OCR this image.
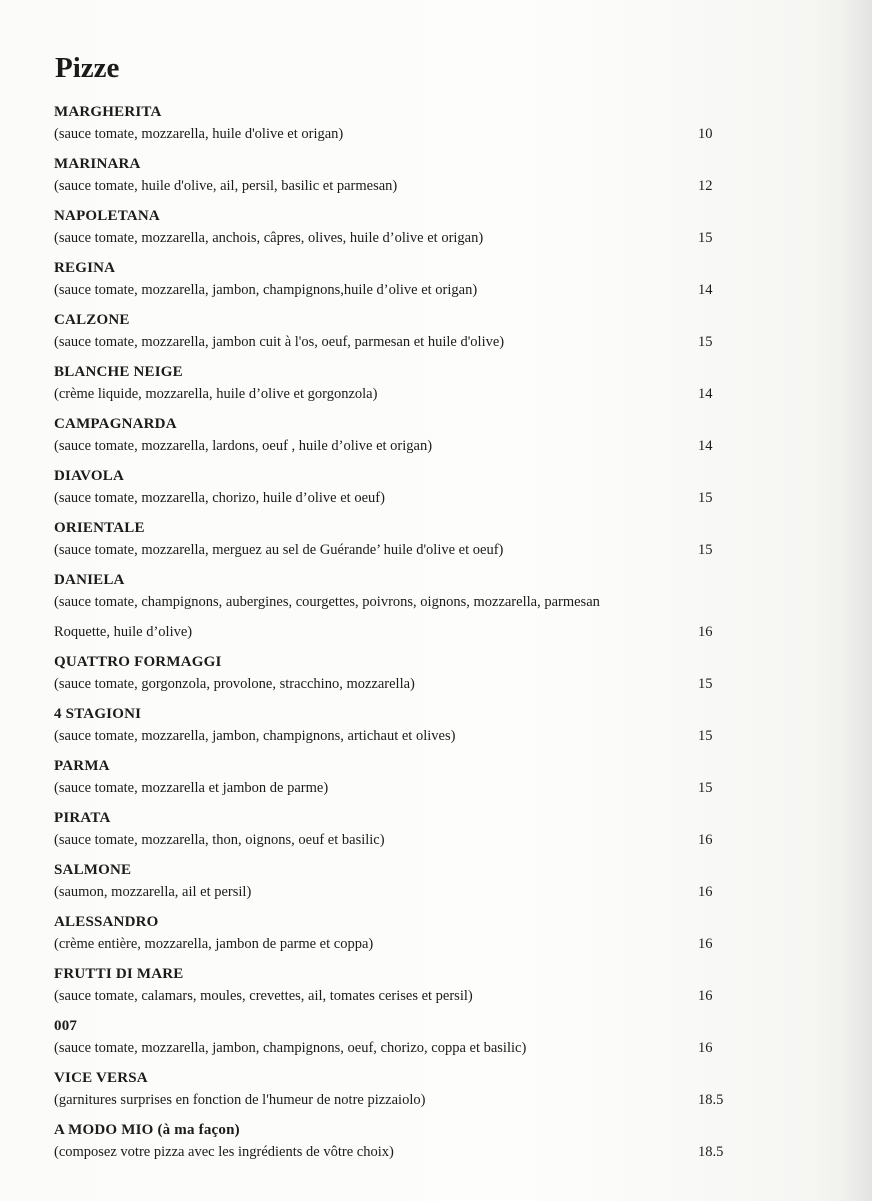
Pizze
MARGHERITA
(sauce tomate, mozzarella, huile d'olive et origan)	10
MARINARA
(sauce tomate, huile d'olive, ail, persil, basilic et parmesan)	12
NAPOLETANA
(sauce tomate, mozzarella, anchois, câpres, olives, huile d’olive et origan)	15
REGINA
(sauce tomate, mozzarella, jambon, champignons,huile d’olive et origan)	14
CALZONE
(sauce tomate, mozzarella, jambon cuit à l'os, oeuf, parmesan et huile d'olive)	15
BLANCHE NEIGE
(crème liquide, mozzarella, huile d’olive et gorgonzola)	14
CAMPAGNARDA
(sauce tomate, mozzarella, lardons, oeuf , huile d’olive et origan)	14
DIAVOLA
(sauce tomate, mozzarella, chorizo, huile d’olive et oeuf)	15
ORIENTALE
(sauce tomate, mozzarella, merguez au sel de Guérande’ huile d'olive et oeuf)	15
DANIELA
(sauce tomate, champignons, aubergines, courgettes, poivrons, oignons, mozzarella, parmesan
Roquette, huile d’olive)	16
QUATTRO FORMAGGI
(sauce tomate, gorgonzola, provolone, stracchino, mozzarella)	15
4 STAGIONI
(sauce tomate, mozzarella, jambon, champignons, artichaut et olives)	15
PARMA
(sauce tomate, mozzarella et jambon de parme)	15
PIRATA
(sauce tomate, mozzarella, thon, oignons, oeuf et basilic)	16
SALMONE
(saumon, mozzarella, ail et persil)	16
ALESSANDRO
(crème entière, mozzarella, jambon de parme et coppa)	16
FRUTTI DI MARE
(sauce tomate, calamars, moules, crevettes, ail, tomates cerises et persil)	16
007
(sauce tomate, mozzarella, jambon, champignons, oeuf, chorizo, coppa et basilic)	16
VICE VERSA
(garnitures surprises en fonction de l'humeur de notre pizzaiolo)	18.5
A MODO MIO (à ma façon)
(composez votre pizza avec les ingrédients de vôtre choix)	18.5
